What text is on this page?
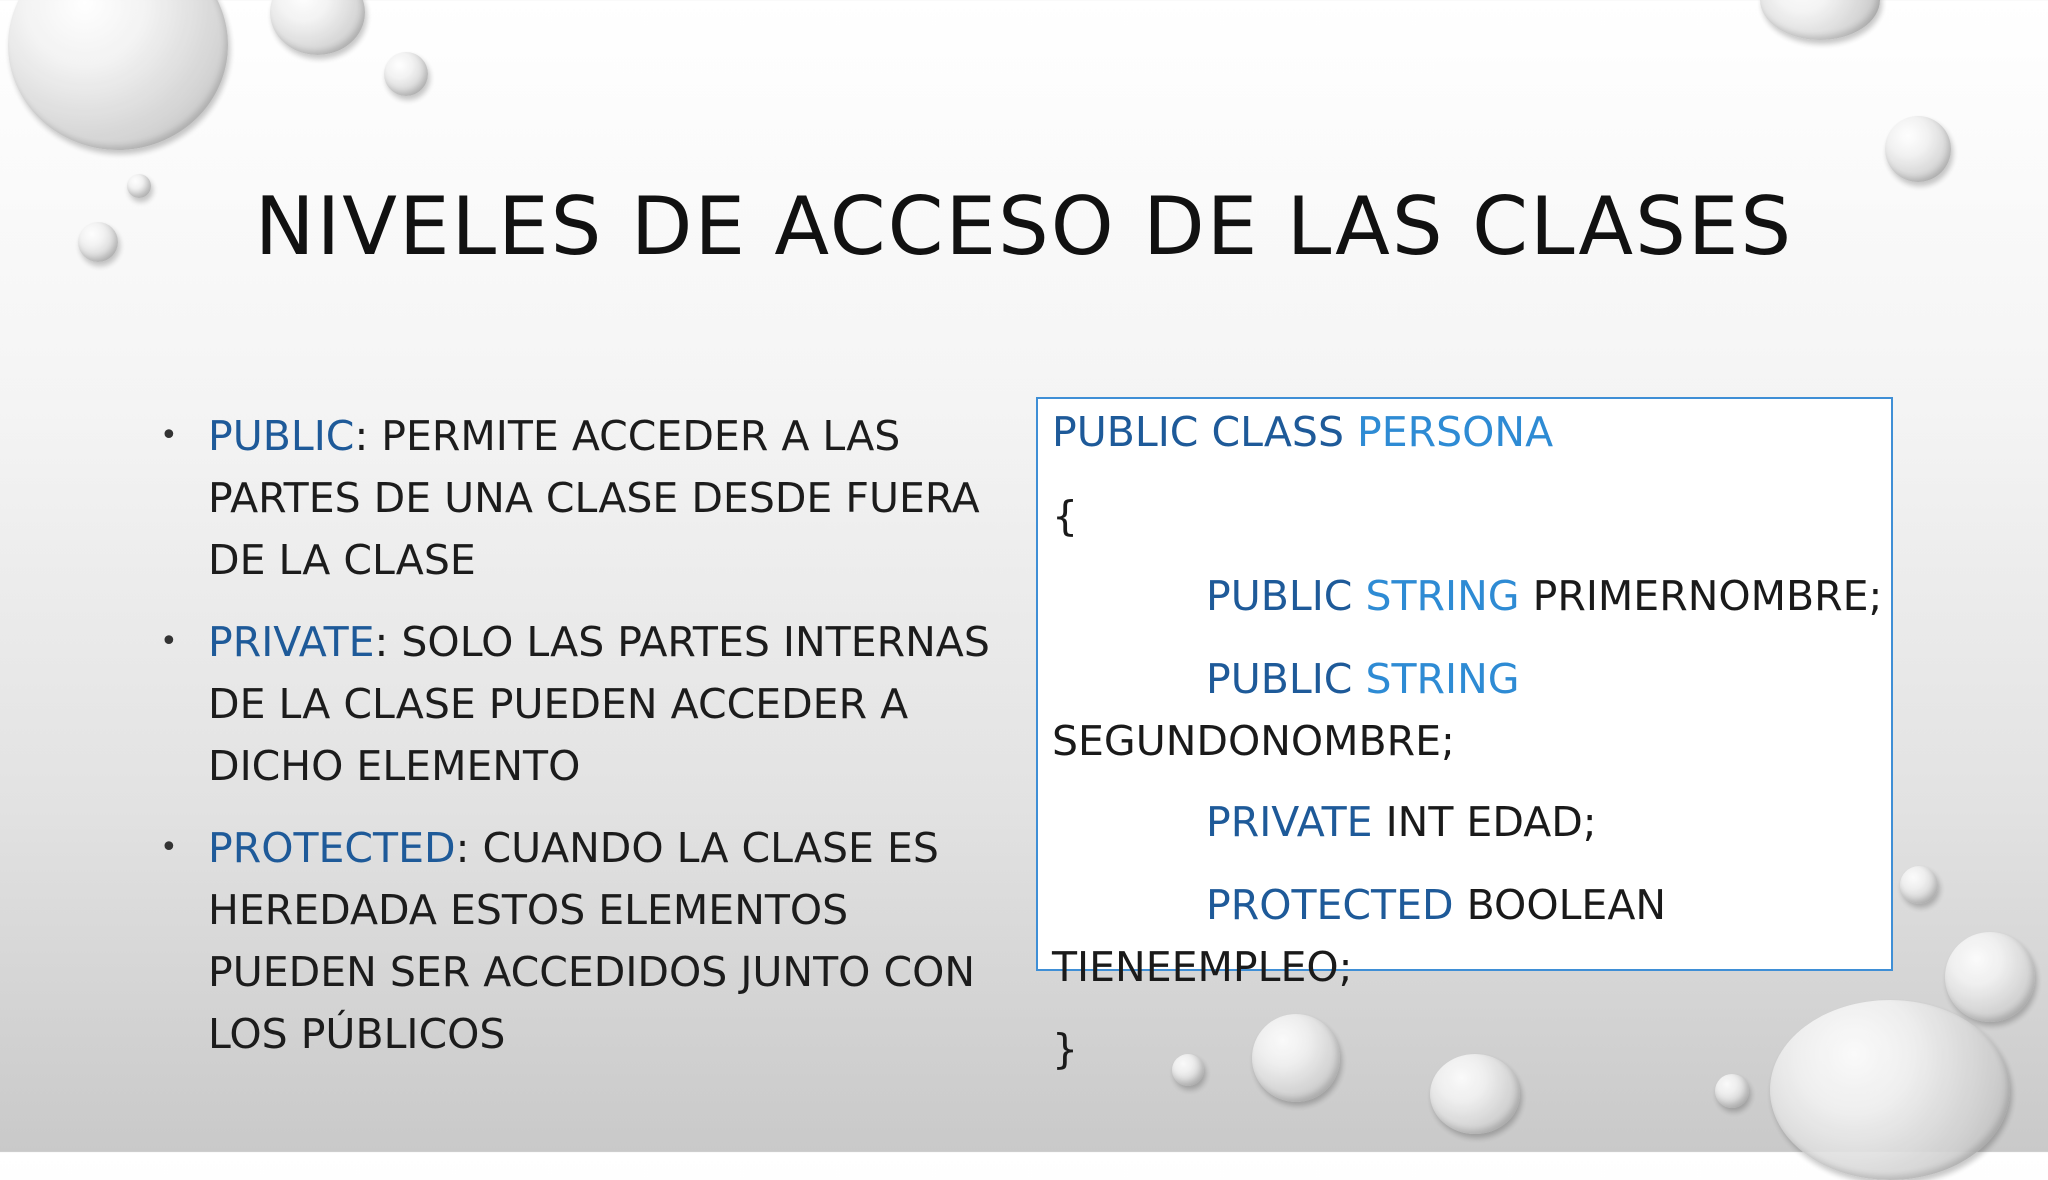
NIVELES DE ACCESO DE LAS CLASES
• PUBLIC: PERMITE ACCEDER A LAS
PARTES DE UNA CLASE DESDE FUERA
DE LA CLASE
• PRIVATE: SOLO LAS PARTES INTERNAS
DE LA CLASE PUEDEN ACCEDER A
DICHO ELEMENTO
• PROTECTED: CUANDO LA CLASE ES
HEREDADA ESTOS ELEMENTOS
PUEDEN SER ACCEDIDOS JUNTO CON
LOS PÚBLICOS
PUBLIC CLASS PERSONA
{
PUBLIC STRING PRIMERNOMBRE;
PUBLIC STRING
SEGUNDONOMBRE;
PRIVATE INT EDAD;
PROTECTED BOOLEAN
TIENEEMPLEO;
}
